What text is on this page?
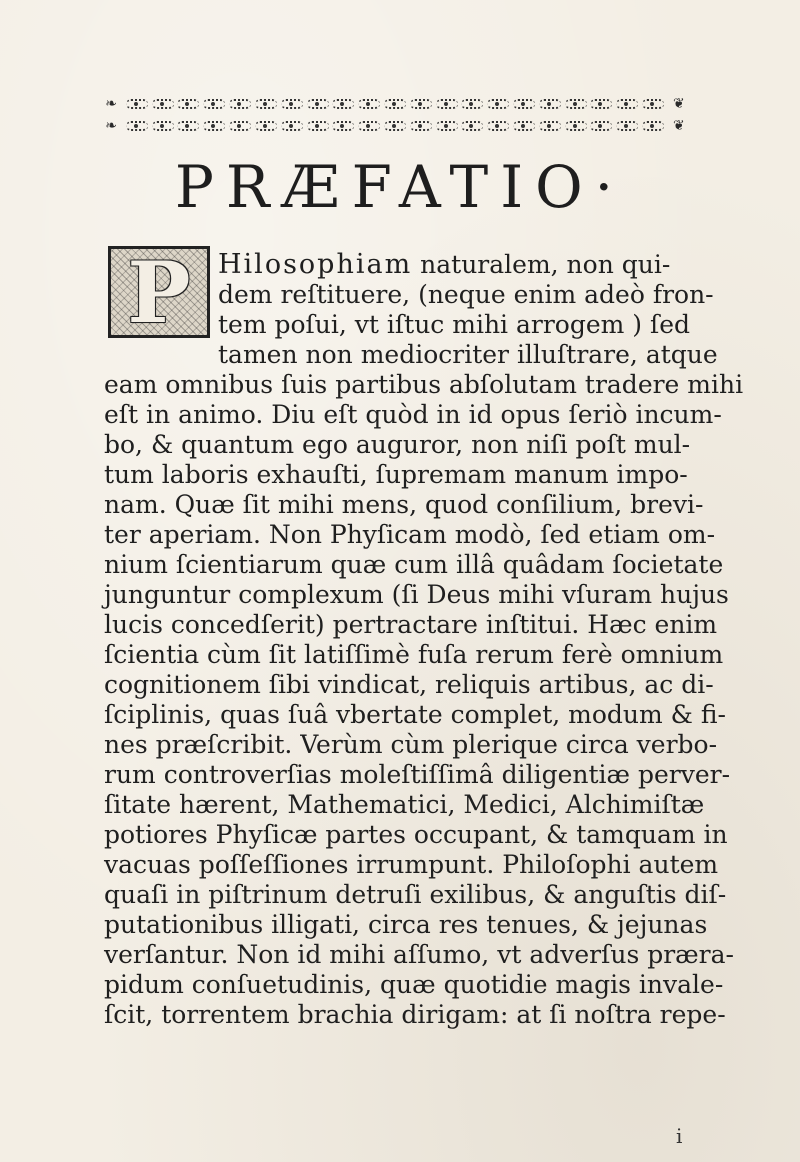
❧	❦
❧	❦
PRÆFATIO·
P	Hilosophiam naturalem, non qui-
dem reſtituere, (neque enim adeò fron-
tem poſui, vt iſtuc mihi arrogem ) ſed
tamen non mediocriter illuſtrare, atque
eam omnibus ſuis partibus abſolutam tradere mihi
eſt in animo. Diu eſt quòd in id opus ſeriò incum-
bo, & quantum ego auguror, non niſi poſt mul-
tum laboris exhauſti, ſupremam manum impo-
nam. Quæ ſit mihi mens, quod conſilium, brevi-
ter aperiam. Non Phyſicam modò, ſed etiam om-
nium ſcientiarum quæ cum illâ quâdam ſocietate
junguntur complexum (ſi Deus mihi vſuram hujus
lucis concedſerit) pertractare inſtitui. Hæc enim
ſcientia cùm ſit latiſſimè fuſa rerum ferè omnium
cognitionem ſibi vindicat, reliquis artibus, ac di-
ſciplinis, quas ſuâ vbertate complet, modum & fi-
nes præſcribit. Verùm cùm plerique circa verbo-
rum controverſias moleſtiſſimâ diligentiæ perver-
ſitate hærent, Mathematici, Medici, Alchimiſtæ
potiores Phyſicæ partes occupant, & tamquam in
vacuas poſſeſſiones irrumpunt. Philoſophi autem
quaſi in piſtrinum detruſi exilibus, & anguſtis diſ-
putationibus illigati, circa res tenues, & jejunas
verſantur. Non id mihi aſſumo, vt adverſus præra-
pidum conſuetudinis, quæ quotidie magis invale-
ſcit, torrentem brachia dirigam: at ſi noſtra repe-
i
